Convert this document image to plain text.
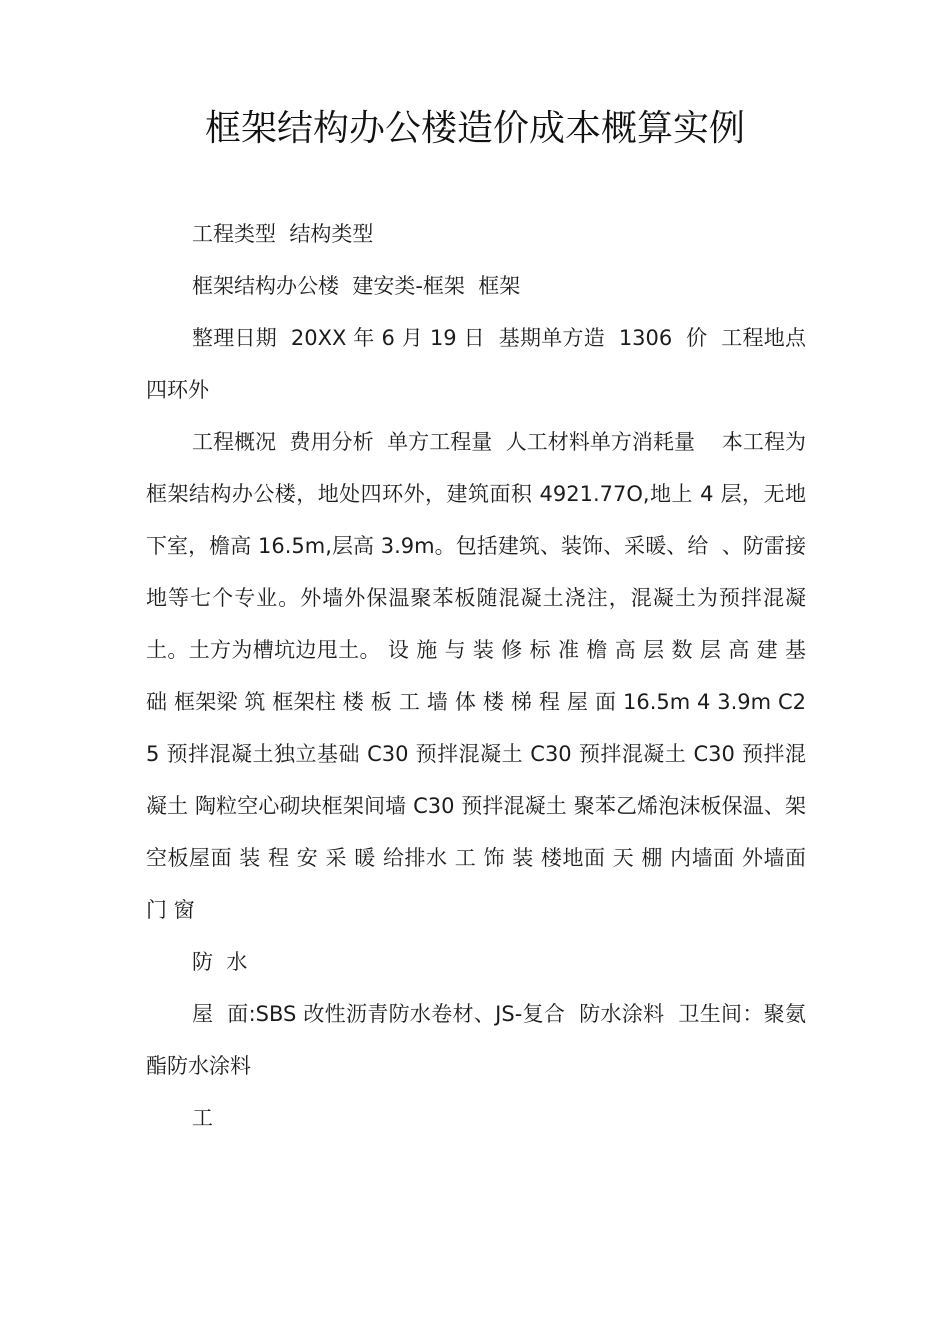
框架结构办公楼造价成本概算实例

工程类型  结构类型

框架结构办公楼  建安类-框架  框架

整理日期  20XX 年 6 月 19 日  基期单方造  1306  价  工程地点  四环外

工程概况  费用分析  单方工程量  人工材料单方消耗量    本工程为框架结构办公楼，地处四环外，建筑面积 4921.77O,地上 4 层，无地下室，檐高 16.5m,层高 3.9m。包括建筑、装饰、采暖、给  、防雷接地等七个专业。外墙外保温聚苯板随混凝土浇注，混凝土为预拌混凝土。土方为槽坑边甩土。 设 施 与 装 修 标 准 檐 高 层 数 层 高 建 基 础 框架梁 筑 框架柱 楼 板 工 墙 体 楼 梯 程 屋 面 16.5m 4 3.9m C25 预拌混凝土独立基础 C30 预拌混凝土 C30 预拌混凝土 C30 预拌混凝土 陶粒空心砌块框架间墙 C30 预拌混凝土 聚苯乙烯泡沫板保温、架空板屋面 装 程 安 采 暖 给排水 工 饰 装 楼地面 天 棚 内墙面 外墙面 门 窗

防  水

屋  面:SBS 改性沥青防水卷材、JS-复合  防水涂料  卫生间：聚氨酯防水涂料

工
